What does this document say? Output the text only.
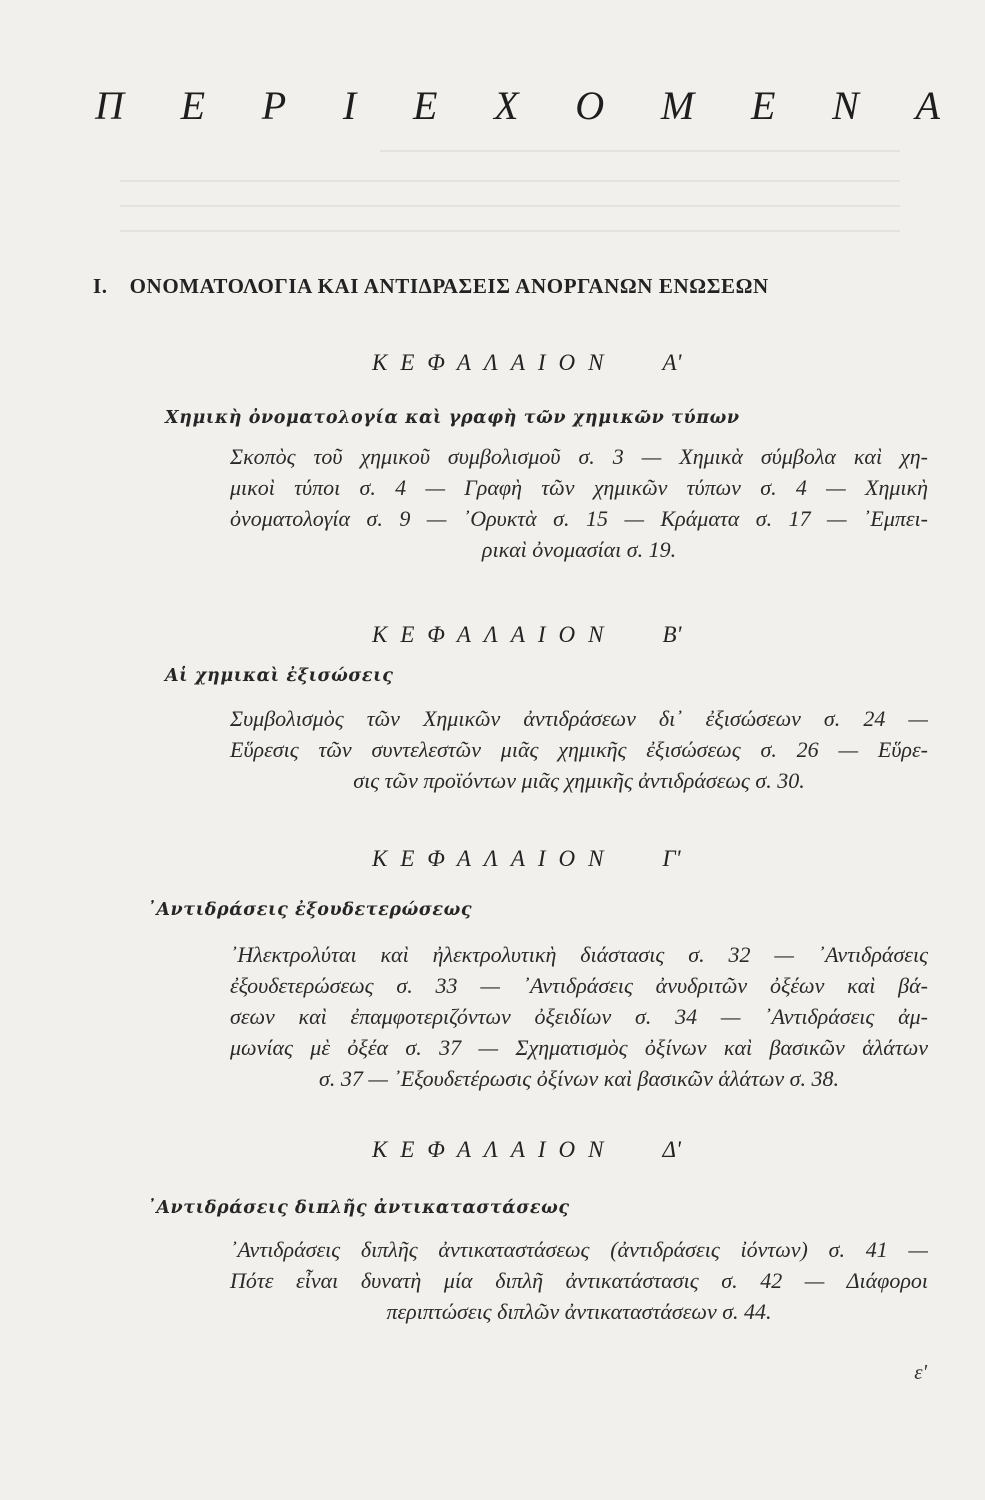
Π Ε Ρ Ι Ε Χ Ο Μ Ε Ν Α
I. ΟΝΟΜΑΤΟΛΟΓΙΑ ΚΑΙ ΑΝΤΙΔΡΑΣΕΙΣ ΑΝΟΡΓΑΝΩΝ ΕΝΩΣΕΩΝ
ΚΕΦΑΛΑΙΟΝ Α'
Χημικὴ ὀνοματολογία καὶ γραφὴ τῶν χημικῶν τύπων
Σκοπὸς τοῦ χημικοῦ συμβολισμοῦ σ. 3 — Χημικὰ σύμβολα καὶ χη-
μικοὶ τύποι σ. 4 — Γραφὴ τῶν χημικῶν τύπων σ. 4 — Χημικὴ
ὀνοματολογία σ. 9 — ᾿Ορυκτὰ σ. 15 — Κράματα σ. 17 — ᾿Εμπει-
ρικαὶ ὀνομασίαι σ. 19.
ΚΕΦΑΛΑΙΟΝ Β'
Αἱ χημικαὶ ἐξισώσεις
Συμβολισμὸς τῶν Χημικῶν ἀντιδράσεων δι᾿ ἐξισώσεων σ. 24 —
Εὕρεσις τῶν συντελεστῶν μιᾶς χημικῆς ἐξισώσεως σ. 26 — Εὕρε-
σις τῶν προϊόντων μιᾶς χημικῆς ἀντιδράσεως σ. 30.
ΚΕΦΑΛΑΙΟΝ Γ'
᾿Αντιδράσεις ἐξουδετερώσεως
᾿Ηλεκτρολύται καὶ ἠλεκτρολυτικὴ διάστασις σ. 32 — ᾿Αντιδράσεις
ἐξουδετερώσεως σ. 33 — ᾿Αντιδράσεις ἀνυδριτῶν ὀξέων καὶ βά-
σεων καὶ ἐπαμφοτεριζόντων ὀξειδίων σ. 34 — ᾿Αντιδράσεις ἀμ-
μωνίας μὲ ὀξέα σ. 37 — Σχηματισμὸς ὀξίνων καὶ βασικῶν ἁλάτων
σ. 37 — ᾿Εξουδετέρωσις ὀξίνων καὶ βασικῶν ἁλάτων σ. 38.
ΚΕΦΑΛΑΙΟΝ Δ'
᾿Αντιδράσεις διπλῆς ἀντικαταστάσεως
᾿Αντιδράσεις διπλῆς ἀντικαταστάσεως (ἀντιδράσεις ἰόντων) σ. 41 —
Πότε εἶναι δυνατὴ μία διπλῆ ἀντικατάστασις σ. 42 — Διάφοροι
περιπτώσεις διπλῶν ἀντικαταστάσεων σ. 44.
ε'
